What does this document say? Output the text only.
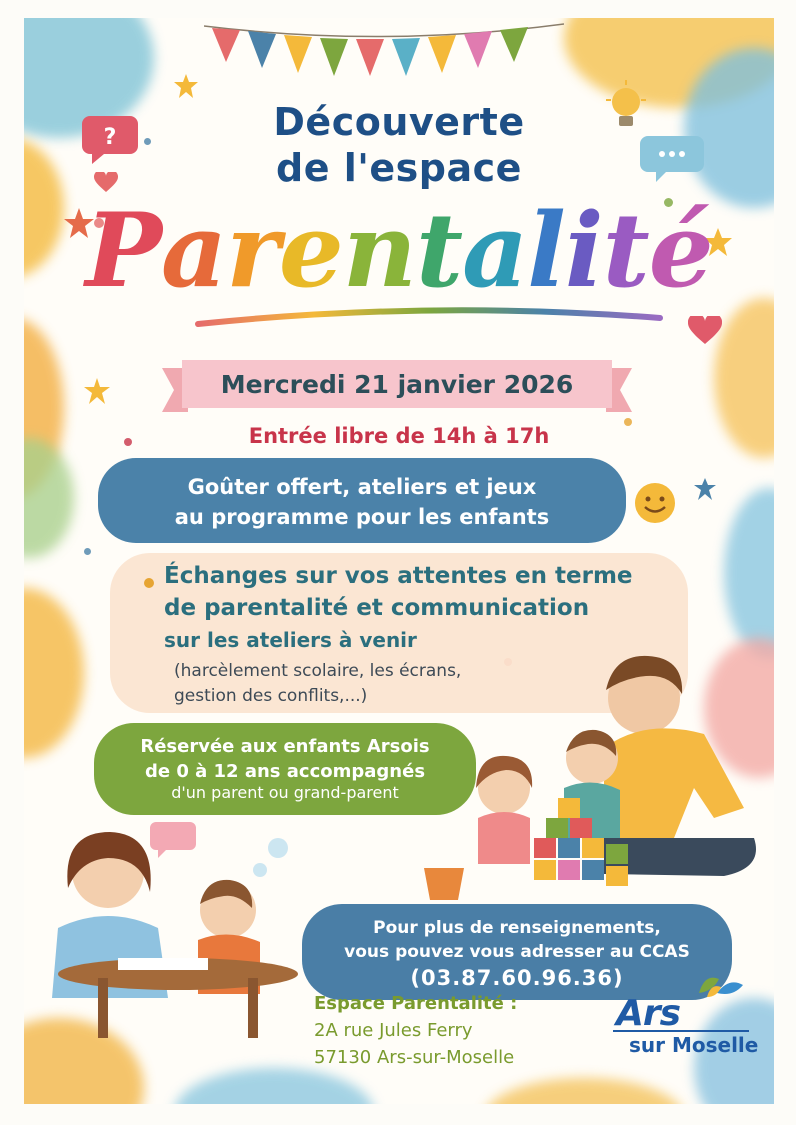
?	Découverte
de l'espace
Parentalité
Mercredi 21 janvier 2026
Entrée libre de 14h à 17h
Goûter offert, ateliers et jeux
au programme pour les enfants
Échanges sur vos attentes en terme
de parentalité et communication
sur les ateliers à venir
(harcèlement scolaire, les écrans,
gestion des conflits,...)
Réservée aux enfants Arsois
de 0 à 12 ans accompagnés
d'un parent ou grand-parent
Pour plus de renseignements,
vous pouvez vous adresser au CCAS
(03.87.60.96.36)
Espace Parentalité :
2A rue Jules Ferry
57130 Ars-sur-Moselle
Ars
sur Moselle
